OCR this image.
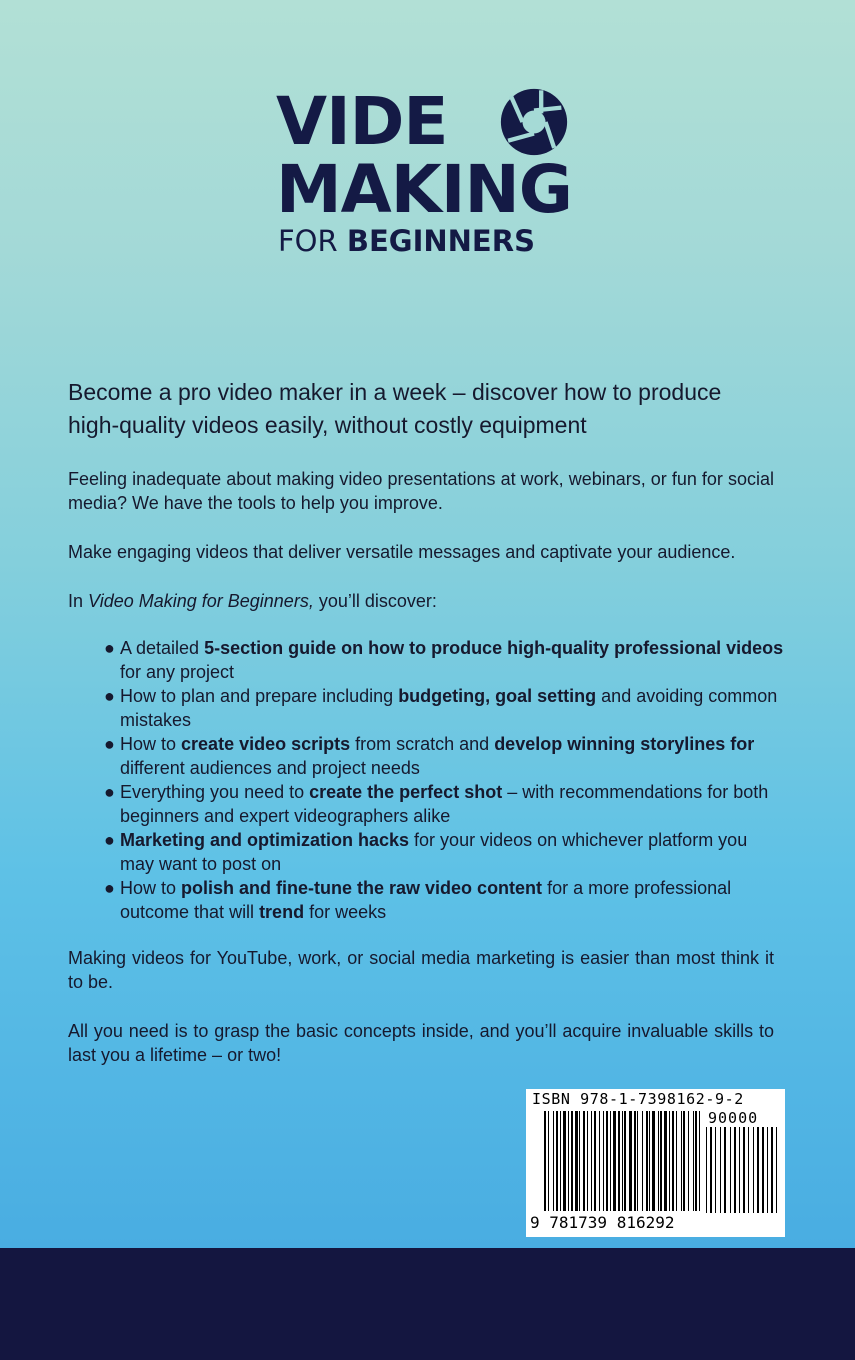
VIDE
MAKING
FOR BEGINNERS
Become a pro video maker in a week – discover how to produce high-quality videos easily, without costly equipment
Feeling inadequate about making video presentations at work, webinars, or fun for social media? We have the tools to help you improve.
Make engaging videos that deliver versatile messages and captivate your audience.
In Video Making for Beginners, you’ll discover:
● A detailed 5-section guide on how to produce high-quality professional videos for any project
● How to plan and prepare including budgeting, goal setting and avoiding common mistakes
● How to create video scripts from scratch and develop winning storylines for different audiences and project needs
● Everything you need to create the perfect shot – with recommendations for both beginners and expert videographers alike
● Marketing and optimization hacks for your videos on whichever platform you may want to post on
● How to polish and fine-tune the raw video content for a more professional outcome that will trend for weeks
Making videos for YouTube, work, or social media marketing is easier than most think it to be.
All you need is to grasp the basic concepts inside, and you’ll acquire invaluable skills to last you a lifetime – or two!
ISBN 978-1-7398162-9-2
90000
9 781739 816292
